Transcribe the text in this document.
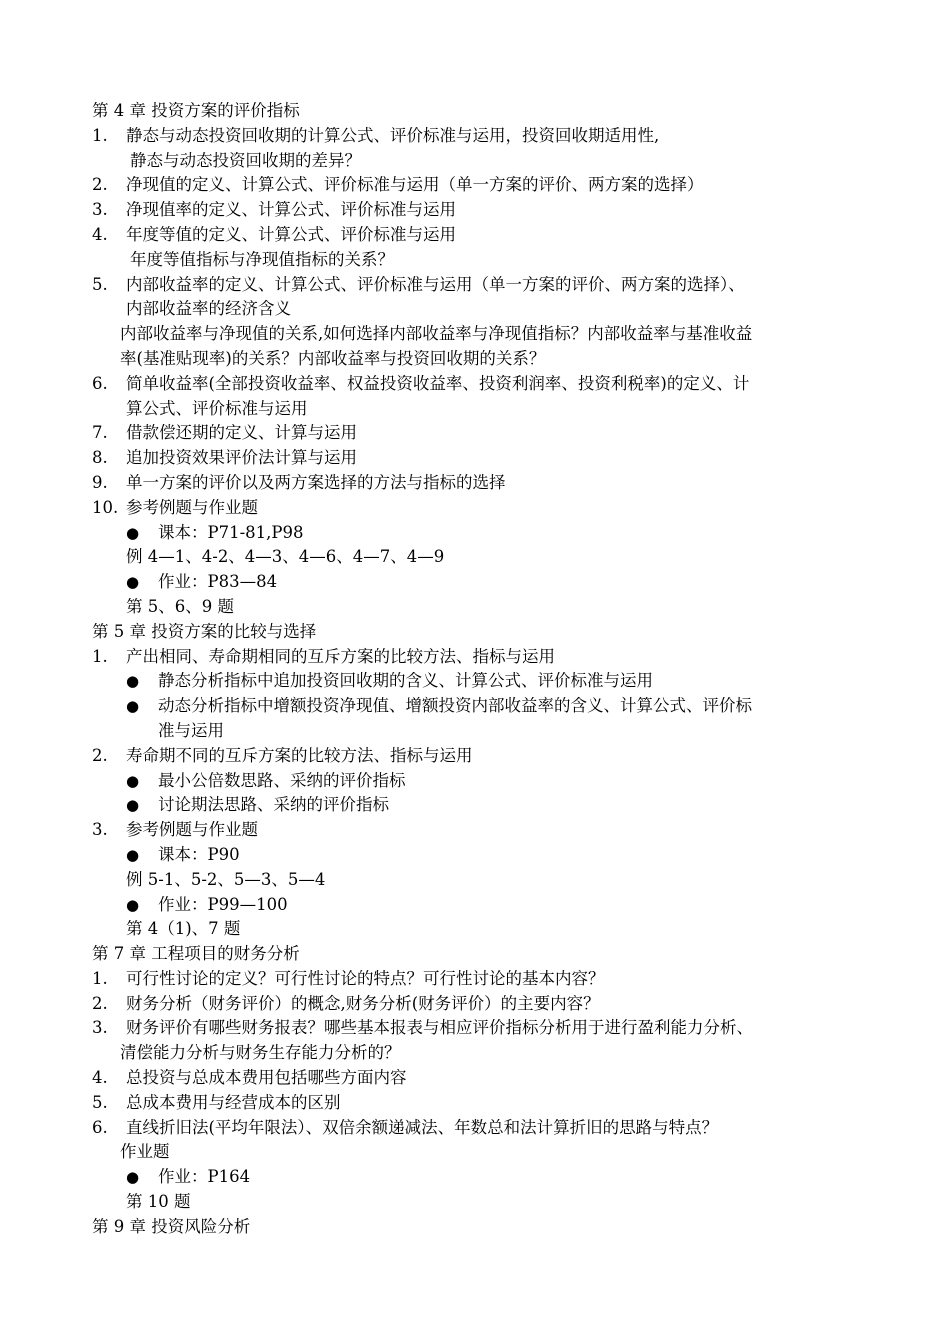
第 4 章 投资方案的评价指标
1. 静态与动态投资回收期的计算公式、评价标准与运用，投资回收期适用性,
静态与动态投资回收期的差异？
2. 净现值的定义、计算公式、评价标准与运用（单一方案的评价、两方案的选择）
3. 净现值率的定义、计算公式、评价标准与运用
4. 年度等值的定义、计算公式、评价标准与运用
年度等值指标与净现值指标的关系？
5. 内部收益率的定义、计算公式、评价标准与运用（单一方案的评价、两方案的选择）、
内部收益率的经济含义
内部收益率与净现值的关系,如何选择内部收益率与净现值指标？内部收益率与基准收益
率(基准贴现率)的关系？内部收益率与投资回收期的关系？
6. 简单收益率(全部投资收益率、权益投资收益率、投资利润率、投资利税率)的定义、计
算公式、评价标准与运用
7. 借款偿还期的定义、计算与运用
8. 追加投资效果评价法计算与运用
9. 单一方案的评价以及两方案选择的方法与指标的选择
10. 参考例题与作业题
● 课本：P71-81,P98
例 4—1、4-2、4—3、4—6、4—7、4—9
● 作业：P83—84
第 5、6、9 题
第 5 章 投资方案的比较与选择
1. 产出相同、寿命期相同的互斥方案的比较方法、指标与运用
● 静态分析指标中追加投资回收期的含义、计算公式、评价标准与运用
● 动态分析指标中增额投资净现值、增额投资内部收益率的含义、计算公式、评价标
准与运用
2. 寿命期不同的互斥方案的比较方法、指标与运用
● 最小公倍数思路、采纳的评价指标
● 讨论期法思路、采纳的评价指标
3. 参考例题与作业题
● 课本：P90
例 5-1、5-2、5—3、5—4
● 作业：P99—100
第 4（1)、7 题
第 7 章 工程项目的财务分析
1. 可行性讨论的定义？可行性讨论的特点？可行性讨论的基本内容？
2. 财务分析（财务评价）的概念,财务分析(财务评价）的主要内容？
3. 财务评价有哪些财务报表？哪些基本报表与相应评价指标分析用于进行盈利能力分析、
清偿能力分析与财务生存能力分析的？
4. 总投资与总成本费用包括哪些方面内容
5. 总成本费用与经营成本的区别
6. 直线折旧法(平均年限法）、双倍余额递减法、年数总和法计算折旧的思路与特点？
作业题
● 作业：P164
第 10 题
第 9 章 投资风险分析
